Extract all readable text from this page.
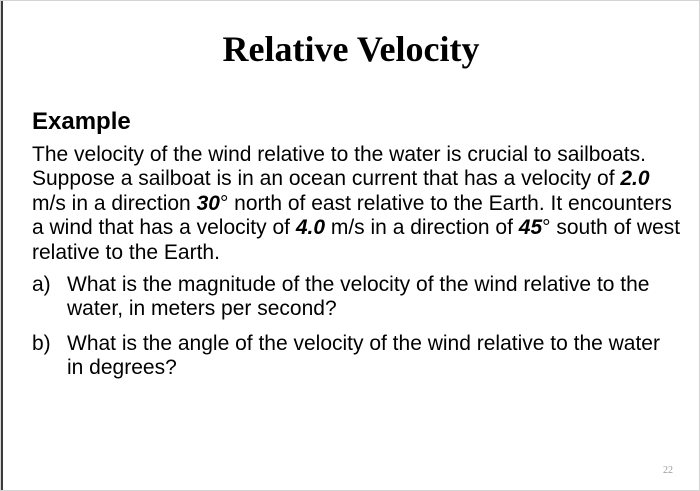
Relative Velocity
Example

The velocity of the wind relative to the water is crucial to sailboats. Suppose a sailboat is in an ocean current that has a velocity of 2.0 m/s in a direction 30° north of east relative to the Earth. It encounters a wind that has a velocity of 4.0 m/s in a direction of 45° south of west relative to the Earth.

a) What is the magnitude of the velocity of the wind relative to the water, in meters per second?
b) What is the angle of the velocity of the wind relative to the water in degrees?
22
